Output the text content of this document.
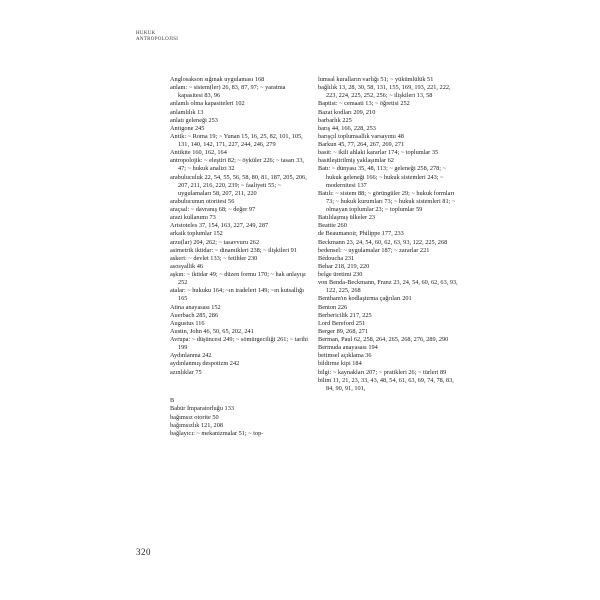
HUKUK
ANTROPOLOJISI

Anglosakson sığınak uygulaması 168

anlam: ~ sistem(ler) 26, 83, 87, 97; ~ yaratma kapasitesi 83, 96

anlamlı olma kapasiteleri 102

anlamlılık 13

anlatı geleneği 253

Antigone 245

Antik: ~ Roma 19; ~ Yunan 15, 16, 25, 82, 101, 105, 131, 140, 142, 171, 227, 244, 246, 279

Antikite 160, 162, 164

antropolojik: ~ eleştiri 82; ~ öyküler 226; ~ tasarı 33, 47; ~ hukuk analizi 32

arabuluculuk 22, 54, 55, 56, 58, 80, 81, 187, 205, 206, 207, 211, 216, 220, 239; ~ faaliyeti 55; ~ uygulamaları 58, 207, 211, 220

arabulucunun otoritesi 56

araçsal: ~ davranış 68; ~ değer 97

arazi kullanımı 73

Aristoteles 37, 154, 163, 227, 249, 287

arkaik toplumlar 152

arzu(lar) 204, 262; ~ tasavvuru 262

asimetrik iktidar: ~ dinamikleri 238; ~ ilişkileri 91

askeri: ~ devlet 133; ~ fetihler 230

asosyallik 46

aşkın: ~ iktidar 49; ~ düzen formu 170; ~ hak anlayışı 252

atalar: ~ hukuku 164; ~ın iradeleri 149; ~ın kutsallığı 165

Atina anayasası 152

Auerbach 285, 286

Augustus 116

Austin, John 46, 50, 65, 202, 241

Avrupa: ~ düşüncesi 249; ~ sömürgeciliği 261; ~ tarihi 199

Aydınlanma 242

aydınlanmış despotizm 242

azınlıklar 75

B

Babür İmparatorluğu 133

bağımsız otorite 50

bağımsızlık 121, 208

bağlayıcı: ~ mekanizmalar 51; ~ top-

lumsal kuralların varlığı 51; ~ yükümlülük 51

bağlılık 13, 28, 30, 58, 131, 155, 169, 193, 221, 222, 223, 224, 225, 252, 256; ~ ilişkileri 13, 58

Baptist: ~ cemaati 13; ~ öğretisi 252

Bazat kodları 209, 210

barbarlık 225

barış 44, 166, 228, 253

barışçıl toplumsallık varsayımı 48

Barkun 45, 77, 264, 267, 269, 271

basit: ~ ikili ahlaki kararlar 174; ~ toplumlar 35

basitleştirilmiş yaklaşımlar 62

Batı: ~ dünyası 35, 48, 113; ~ geleneği 258, 278; ~ hukuk geleneği 166; ~ hukuk sistemleri 243; ~ modernitesi 137

Batılı: ~ sistem 88; ~ görüngüler 29; ~ hukuk formları 73; ~ hukuk kurumları 73; ~ hukuk sistemleri 81; ~ olmayan toplumlar 23; ~ toplumlar 59

Batılılaşmış ülkeler 23

Beattie 260

de Beaumanoir, Philippe 177, 233

Beckmann 23, 24, 54, 60, 62, 63, 93, 122, 225, 268

bedensel: ~ uygulamalar 187; ~ zararlar 221

Bédoucha 231

Behar 218, 219, 220

belge üretimi 230

von Benda-Beckmann, Franz 23, 24, 54, 60, 62, 63, 93, 122, 225, 268

Bentham'ın kodlaştırma çağrıları 201

Benton 226

Berbericilik 217, 225

Lord Bereford 251

Berger 89, 268, 271

Berman, Paul 62, 258, 264, 265, 268, 276, 289, 290

Bermuda anayasası 194

betimsel açıklama 36

bildirme kipi 184

bilgi: ~ kaynakları 207; ~ pratikleri 26; ~ türleri 89

bilim 11, 21, 23, 33, 43, 48, 54, 61, 63, 69, 74, 78, 83, 84, 90, 91, 101,

320
